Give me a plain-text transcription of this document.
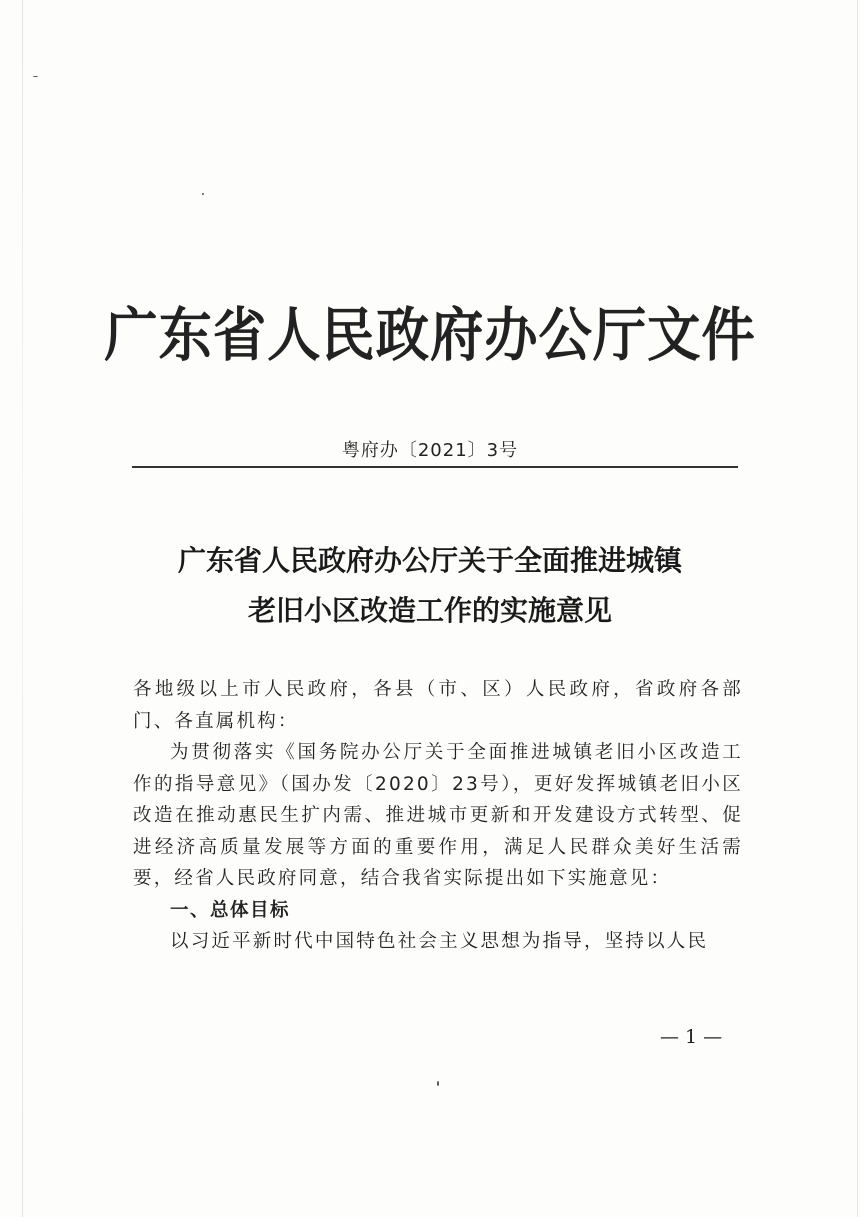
广东省人民政府办公厅文件
粤府办〔2021〕3号
广东省人民政府办公厅关于全面推进城镇
老旧小区改造工作的实施意见

各地级以上市人民政府，各县（市、区）人民政府，省政府各部门、各直属机构：

为贯彻落实《国务院办公厅关于全面推进城镇老旧小区改造工作的指导意见》（国办发〔2020〕23号），更好发挥城镇老旧小区改造在推动惠民生扩内需、推进城市更新和开发建设方式转型、促进经济高质量发展等方面的重要作用，满足人民群众美好生活需要，经省人民政府同意，结合我省实际提出如下实施意见：

一、总体目标

以习近平新时代中国特色社会主义思想为指导，坚持以人民

— 1 —
